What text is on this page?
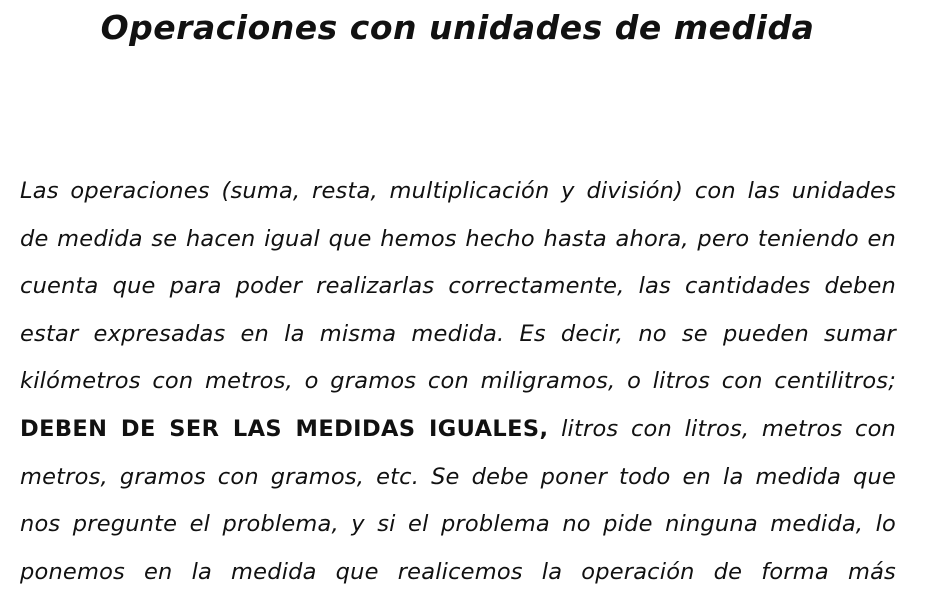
Operaciones con unidades de medida
Las operaciones (suma, resta, multiplicación y división) con las unidades
de medida se hacen igual que hemos hecho hasta ahora, pero teniendo en
cuenta que para poder realizarlas correctamente, las cantidades deben
estar expresadas en la misma medida. Es decir, no se pueden sumar
kilómetros con metros, o gramos con miligramos, o litros con centilitros;
DEBEN DE SER LAS MEDIDAS IGUALES, litros con litros, metros con
metros, gramos con gramos, etc. Se debe poner todo en la medida que
nos pregunte el problema, y si el problema no pide ninguna medida, lo
ponemos en la medida que realicemos la operación de forma más
